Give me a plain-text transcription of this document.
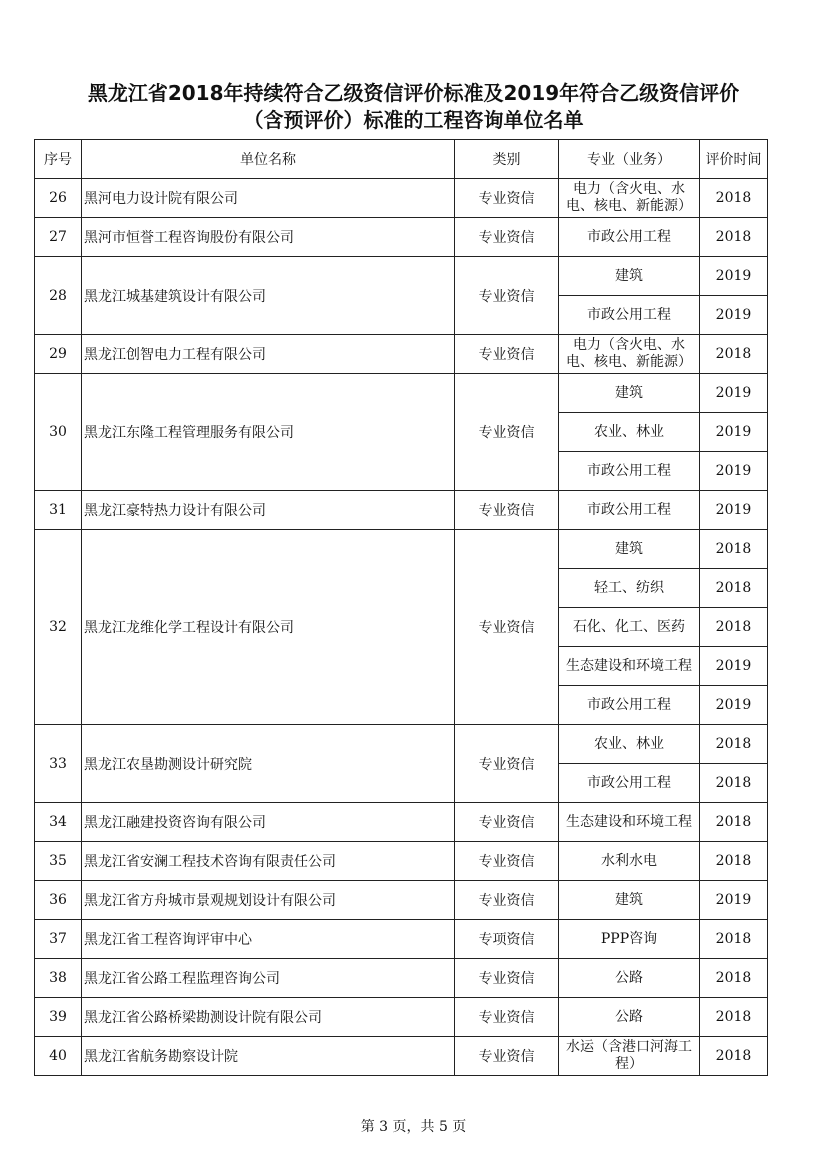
黑龙江省2018年持续符合乙级资信评价标准及2019年符合乙级资信评价
（含预评价）标准的工程咨询单位名单
序号	单位名称	类别	专业（业务）	评价时间
26	黑河电力设计院有限公司	专业资信	电力（含火电、水电、核电、新能源）	2018
27	黑河市恒誉工程咨询股份有限公司	专业资信	市政公用工程	2018
28	黑龙江城基建筑设计有限公司	专业资信	建筑	2019
			市政公用工程	2019
29	黑龙江创智电力工程有限公司	专业资信	电力（含火电、水电、核电、新能源）	2018
30	黑龙江东隆工程管理服务有限公司	专业资信	建筑	2019
			农业、林业	2019
			市政公用工程	2019
31	黑龙江豪特热力设计有限公司	专业资信	市政公用工程	2019
32	黑龙江龙维化学工程设计有限公司	专业资信	建筑	2018
			轻工、纺织	2018
			石化、化工、医药	2018
			生态建设和环境工程	2019
			市政公用工程	2019
33	黑龙江农垦勘测设计研究院	专业资信	农业、林业	2018
			市政公用工程	2018
34	黑龙江融建投资咨询有限公司	专业资信	生态建设和环境工程	2018
35	黑龙江省安澜工程技术咨询有限责任公司	专业资信	水利水电	2018
36	黑龙江省方舟城市景观规划设计有限公司	专业资信	建筑	2019
37	黑龙江省工程咨询评审中心	专项资信	PPP咨询	2018
38	黑龙江省公路工程监理咨询公司	专业资信	公路	2018
39	黑龙江省公路桥梁勘测设计院有限公司	专业资信	公路	2018
40	黑龙江省航务勘察设计院	专业资信	水运（含港口河海工程）	2018
第 3 页，共 5 页
